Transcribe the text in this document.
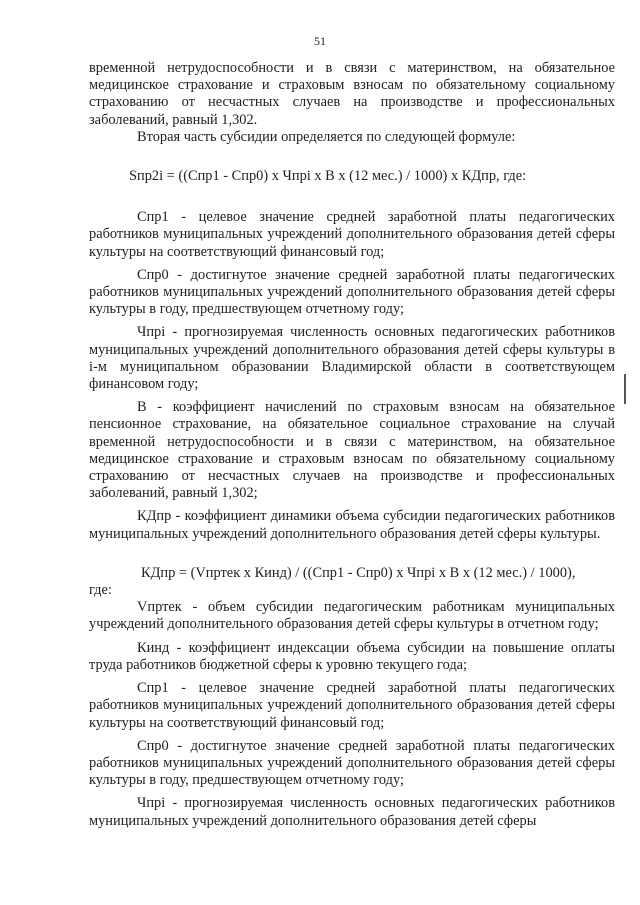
51

временной нетрудоспособности и в связи с материнством, на обязательное медицинское страхование и страховым взносам по обязательному социальному страхованию от несчастных случаев на производстве и профессиональных заболеваний, равный 1,302.

Вторая часть субсидии определяется по следующей формуле:

Sпр2i = ((Спр1 - Спр0) x Чпрi x В x (12 мес.) / 1000) x КДпр, где:

Спр1 - целевое значение средней заработной платы педагогических работников муниципальных учреждений дополнительного образования детей сферы культуры на соответствующий финансовый год;

Спр0 - достигнутое значение средней заработной платы педагогических работников муниципальных учреждений дополнительного образования детей сферы культуры в году, предшествующем отчетному году;

Чпрi - прогнозируемая численность основных педагогических работников муниципальных учреждений дополнительного образования детей сферы культуры в i-м муниципальном образовании Владимирской области в соответствующем финансовом году;

В - коэффициент начислений по страховым взносам на обязательное пенсионное страхование, на обязательное социальное страхование на случай временной нетрудоспособности и в связи с материнством, на обязательное медицинское страхование и страховым взносам по обязательному социальному страхованию от несчастных случаев на производстве и профессиональных заболеваний, равный 1,302;

КДпр - коэффициент динамики объема субсидии педагогических работников муниципальных учреждений дополнительного образования детей сферы культуры.

КДпр = (Vпртек x Кинд) / ((Спр1 - Спр0) x Чпрi x В x (12 мес.) / 1000),

где:

Vпртек - объем субсидии педагогическим работникам муниципальных учреждений дополнительного образования детей сферы культуры в отчетном году;

Кинд - коэффициент индексации объема субсидии на повышение оплаты труда работников бюджетной сферы к уровню текущего года;

Спр1 - целевое значение средней заработной платы педагогических работников муниципальных учреждений дополнительного образования детей сферы культуры на соответствующий финансовый год;

Спр0 - достигнутое значение средней заработной платы педагогических работников муниципальных учреждений дополнительного образования детей сферы культуры в году, предшествующем отчетному году;

Чпрi - прогнозируемая численность основных педагогических работников муниципальных учреждений дополнительного образования детей сферы
